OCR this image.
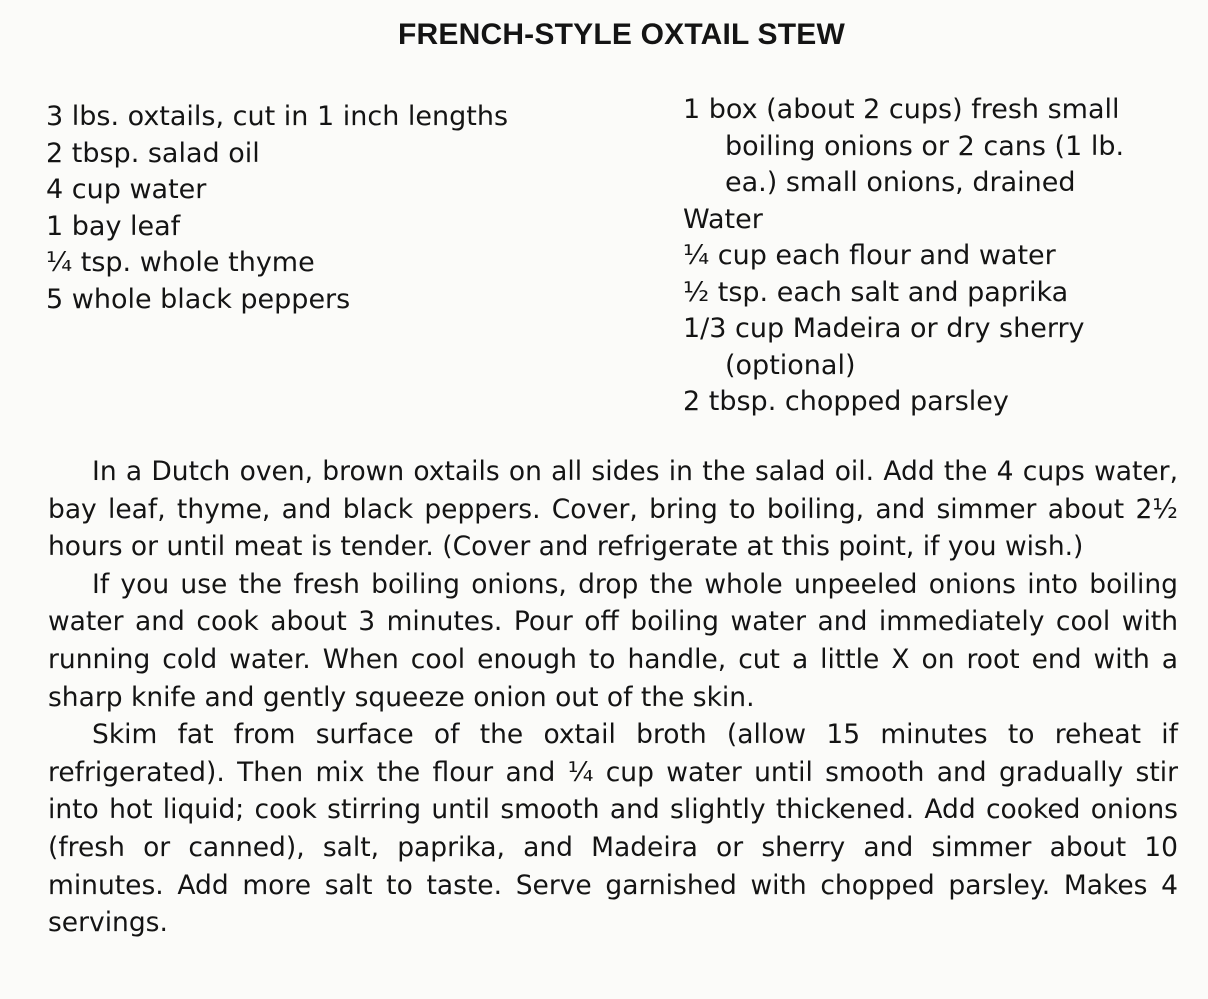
FRENCH-STYLE OXTAIL STEW
3 lbs. oxtails, cut in 1 inch lengths
2 tbsp. salad oil
4 cup water
1 bay leaf
¼ tsp. whole thyme
5 whole black peppers
1 box (about 2 cups) fresh small
boiling onions or 2 cans (1 lb.
ea.) small onions, drained
Water
¼ cup each flour and water
½ tsp. each salt and paprika
1/3 cup Madeira or dry sherry
(optional)
2 tbsp. chopped parsley

In a Dutch oven, brown oxtails on all sides in the salad oil. Add the 4 cups water, bay leaf, thyme, and black peppers. Cover, bring to boiling, and simmer about 2½ hours or until meat is tender. (Cover and refrigerate at this point, if you wish.)

If you use the fresh boiling onions, drop the whole unpeeled onions into boiling water and cook about 3 minutes. Pour off boiling water and immediately cool with running cold water. When cool enough to handle, cut a little X on root end with a sharp knife and gently squeeze onion out of the skin.

Skim fat from surface of the oxtail broth (allow 15 minutes to reheat if refrigerated). Then mix the flour and ¼ cup water until smooth and gradually stir into hot liquid; cook stirring until smooth and slightly thickened. Add cooked onions (fresh or canned), salt, paprika, and Madeira or sherry and simmer about 10 minutes. Add more salt to taste. Serve garnished with chopped parsley. Makes 4 servings.
